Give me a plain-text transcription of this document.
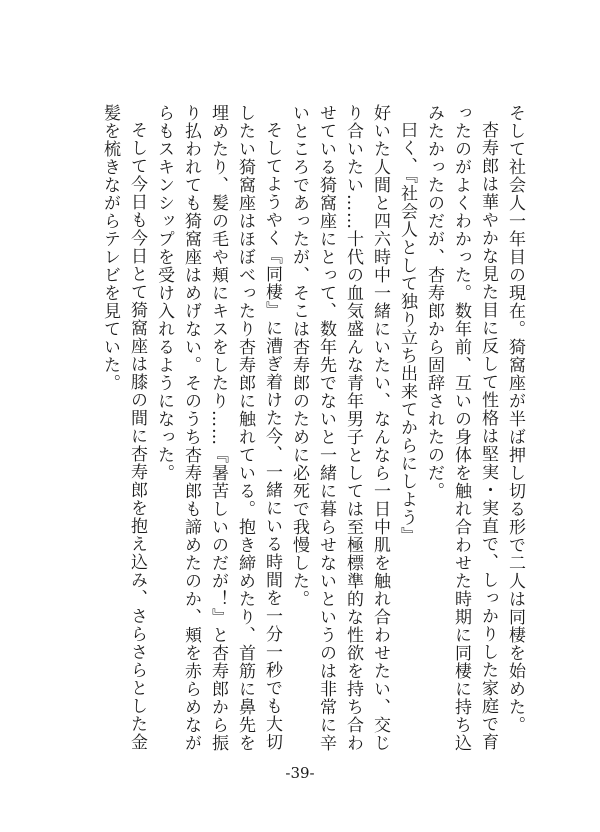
そして社会人一年目の現在。猗窩座が半ば押し切る形で二人は同棲を始めた。

杏寿郎は華やかな見た目に反して性格は堅実・実直で、しっかりした家庭で育ったのがよくわかった。数年前、互いの身体を触れ合わせた時期に同棲に持ち込みたかったのだが、杏寿郎から固辞されたのだ。

曰く、『社会人として独り立ち出来てからにしよう』

好いた人間と四六時中一緒にいたい、なんなら一日中肌を触れ合わせたい、交じり合いたい……十代の血気盛んな青年男子としては至極標準的な性欲を持ち合わせている猗窩座にとって、数年先でないと一緒に暮らせないというのは非常に辛いところであったが、そこは杏寿郎のために必死で我慢した。

そしてようやく『同棲』に漕ぎ着けた今、一緒にいる時間を一分一秒でも大切したい猗窩座はほぼべったり杏寿郎に触れている。抱き締めたり、首筋に鼻先を埋めたり、髪の毛や頬にキスをしたり……『暑苦しいのだが！』と杏寿郎から振り払われても猗窩座はめげない。そのうち杏寿郎も諦めたのか、頬を赤らめながらもスキンシップを受け入れるようになった。

そして今日も今日とて猗窩座は膝の間に杏寿郎を抱え込み、さらさらとした金髪を梳きながらテレビを見ていた。

-39-
